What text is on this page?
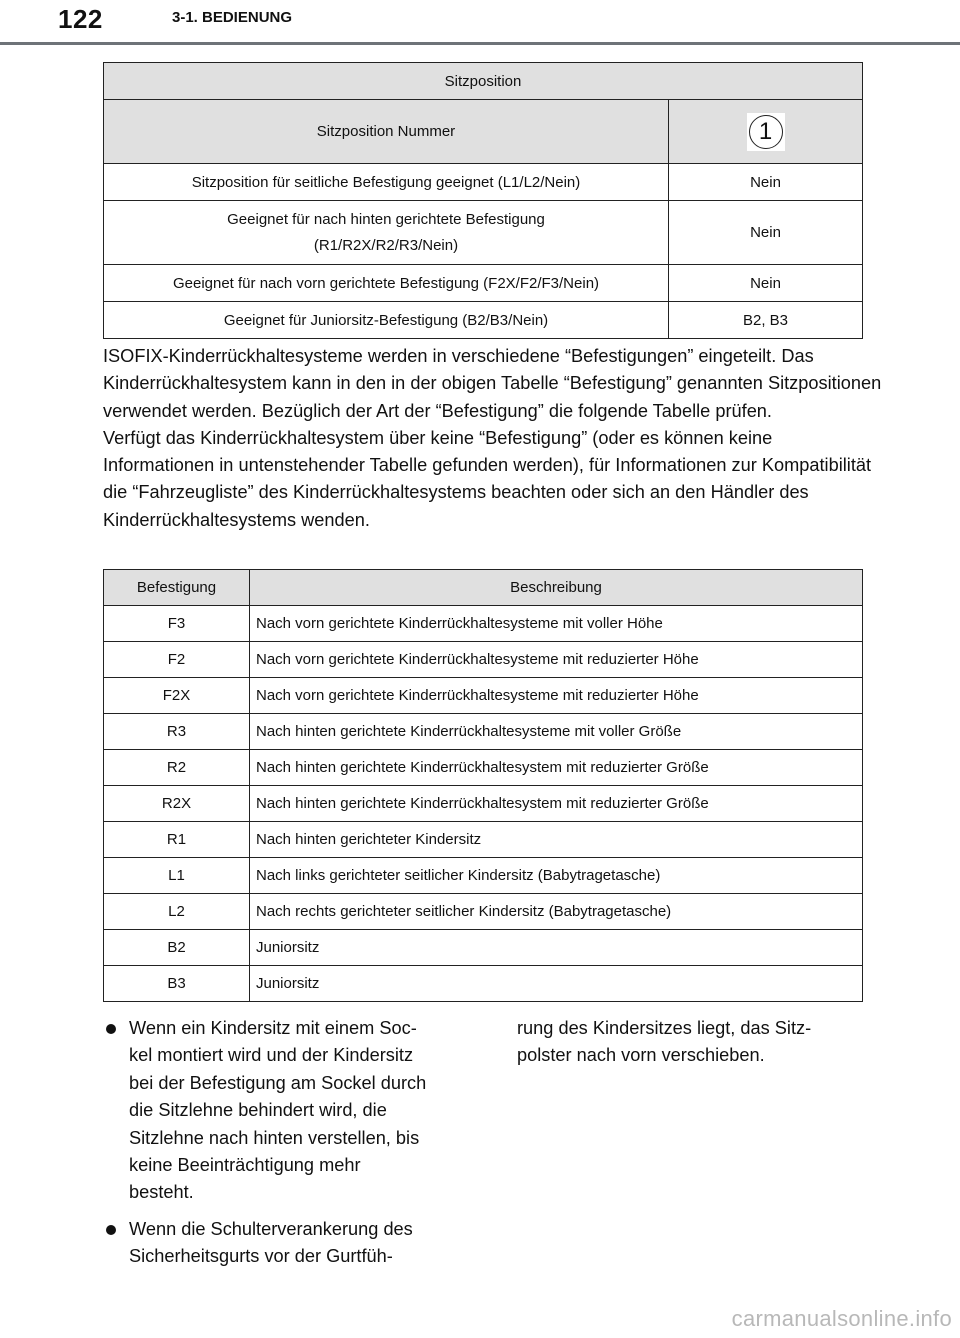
122	3-1. BEDIENUNG
Sitzposition	
Sitzposition Nummer	1

Sitzposition für seitliche Befestigung geeignet (L1/L2/Nein)	Nein

Geeignet für nach hinten gerichtete Befestigung
(R1/R2X/R2/R3/Nein)	Nein
Geeignet für nach vorn gerichtete Befestigung (F2X/F2/F3/Nein)	Nein
Geeignet für Juniorsitz-Befestigung (B2/B3/Nein)	B2, B3

ISOFIX-Kinderrückhaltesysteme werden in verschiedene “Befestigungen” eingeteilt. Das Kinderrückhaltesystem kann in den in der obigen Tabelle “Befestigung” genannten Sitzpositionen verwendet werden. Bezüglich der Art der “Befestigung” die folgende Tabelle prüfen.

Verfügt das Kinderrückhaltesystem über keine “Befestigung” (oder es können keine Informationen in untenstehender Tabelle gefunden werden), für Informationen zur Kompatibilität die “Fahrzeugliste” des Kinderrückhaltesystems beachten oder sich an den Händler des Kinderrückhaltesystems wenden.

Befestigung	Beschreibung
F3	Nach vorn gerichtete Kinderrückhaltesysteme mit voller Höhe
F2	Nach vorn gerichtete Kinderrückhaltesysteme mit reduzierter Höhe
F2X	Nach vorn gerichtete Kinderrückhaltesysteme mit reduzierter Höhe
R3	Nach hinten gerichtete Kinderrückhaltesysteme mit voller Größe
R2	Nach hinten gerichtete Kinderrückhaltesystem mit reduzierter Größe
R2X	Nach hinten gerichtete Kinderrückhaltesystem mit reduzierter Größe
R1	Nach hinten gerichteter Kindersitz
L1	Nach links gerichteter seitlicher Kindersitz (Babytragetasche)
L2	Nach rechts gerichteter seitlicher Kindersitz (Babytragetasche)
B2	Juniorsitz
B3	Juniorsitz
Wenn ein Kindersitz mit einem Soc-
kel montiert wird und der Kindersitz
bei der Befestigung am Sockel durch
die Sitzlehne behindert wird, die
Sitzlehne nach hinten verstellen, bis
keine Beeinträchtigung mehr
besteht.
Wenn die Schulterverankerung des
Sicherheitsgurts vor der Gurtfüh-

rung des Kindersitzes liegt, das Sitz-

polster nach vorn verschieben.

carmanualsonline.info
